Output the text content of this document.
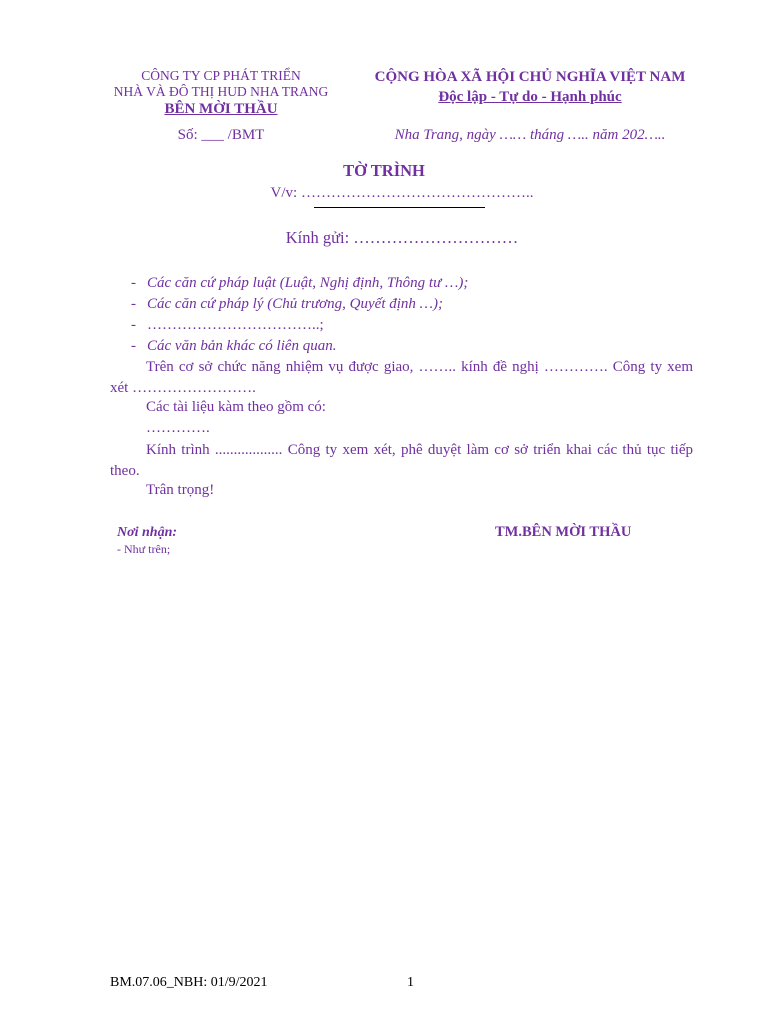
CÔNG TY CP PHÁT TRIỂN
NHÀ VÀ ĐÔ THỊ HUD NHA TRANG
BÊN MỜI THẦU
CỘNG HÒA XÃ HỘI CHỦ NGHĨA VIỆT NAM
Độc lập - Tự do - Hạnh phúc
Số: ___ /BMT	Nha Trang, ngày …… tháng ….. năm 202…..
TỜ TRÌNH
V/v: ………………………………………..
Kính gửi: …………………………
- Các căn cứ pháp luật (Luật, Nghị định, Thông tư …);
- Các căn cứ pháp lý (Chủ trương, Quyết định …);
- ……………………………..;
- Các văn bản khác có liên quan.
Trên cơ sở chức năng nhiệm vụ được giao, …….. kính đề nghị …………. Công ty xem xét …………………….
Các tài liệu kàm theo gồm có:
………….
Kính trình .................. Công ty xem xét, phê duyệt làm cơ sở triển khai các thủ tục tiếp theo.
Trân trọng!
Nơi nhận:
- Như trên;
TM.BÊN MỜI THẦU
BM.07.06_NBH: 01/9/2021	1
